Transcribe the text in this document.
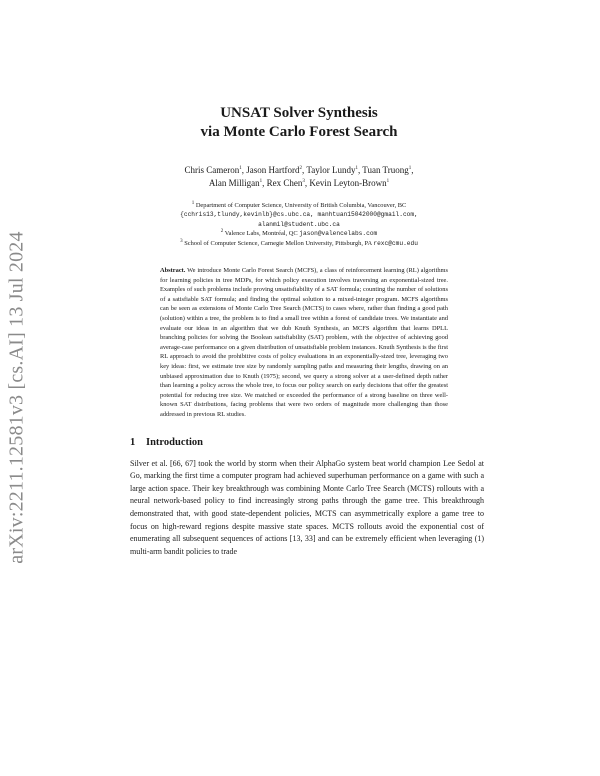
arXiv:2211.12581v3 [cs.AI] 13 Jul 2024
UNSAT Solver Synthesis
via Monte Carlo Forest Search
Chris Cameron$^1$, Jason Hartford$^2$, Taylor Lundy$^1$, Tuan Truong$^1$,
Alan Milligan$^1$, Rex Chen$^3$, Kevin Leyton-Brown$^1$
$^1$ Department of Computer Science, University of British Columbia, Vancouver, BC
{cchris13,tlundy,kevinlb}@cs.ubc.ca, manhtuan15042000@gmail.com,
alanmil@student.ubc.ca
$^2$ Valence Labs, Montréal, QC jason@valencelabs.com
$^3$ School of Computer Science, Carnegie Mellon University, Pittsburgh, PA rexc@cmu.edu
Abstract. We introduce Monte Carlo Forest Search (MCFS), a class of reinforcement learning (RL) algorithms for learning policies in tree MDPs, for which policy execution involves traversing an exponential-sized tree. Examples of such problems include proving unsatisfiability of a SAT formula; counting the number of solutions of a satisfiable SAT formula; and finding the optimal solution to a mixed-integer program. MCFS algorithms can be seen as extensions of Monte Carlo Tree Search (MCTS) to cases where, rather than finding a good path (solution) within a tree, the problem is to find a small tree within a forest of candidate trees. We instantiate and evaluate our ideas in an algorithm that we dub Knuth Synthesis, an MCFS algorithm that learns DPLL branching policies for solving the Boolean satisfiability (SAT) problem, with the objective of achieving good average-case performance on a given distribution of unsatisfiable problem instances. Knuth Synthesis is the first RL approach to avoid the prohibitive costs of policy evaluations in an exponentially-sized tree, leveraging two key ideas: first, we estimate tree size by randomly sampling paths and measuring their lengths, drawing on an unbiased approximation due to Knuth (1975); second, we query a strong solver at a user-defined depth rather than learning a policy across the whole tree, to focus our policy search on early decisions that offer the greatest potential for reducing tree size. We matched or exceeded the performance of a strong baseline on three well-known SAT distributions, facing problems that were two orders of magnitude more challenging than those addressed in previous RL studies.
1 Introduction
Silver et al. [66, 67] took the world by storm when their AlphaGo system beat world champion Lee Sedol at Go, marking the first time a computer program had achieved superhuman performance on a game with such a large action space. Their key breakthrough was combining Monte Carlo Tree Search (MCTS) rollouts with a neural network-based policy to find increasingly strong paths through the game tree. This breakthrough demonstrated that, with good state-dependent policies, MCTS can asymmetrically explore a game tree to focus on high-reward regions despite massive state spaces. MCTS rollouts avoid the exponential cost of enumerating all subsequent sequences of actions [13, 33] and can be extremely efficient when leveraging (1) multi-arm bandit policies to trade
